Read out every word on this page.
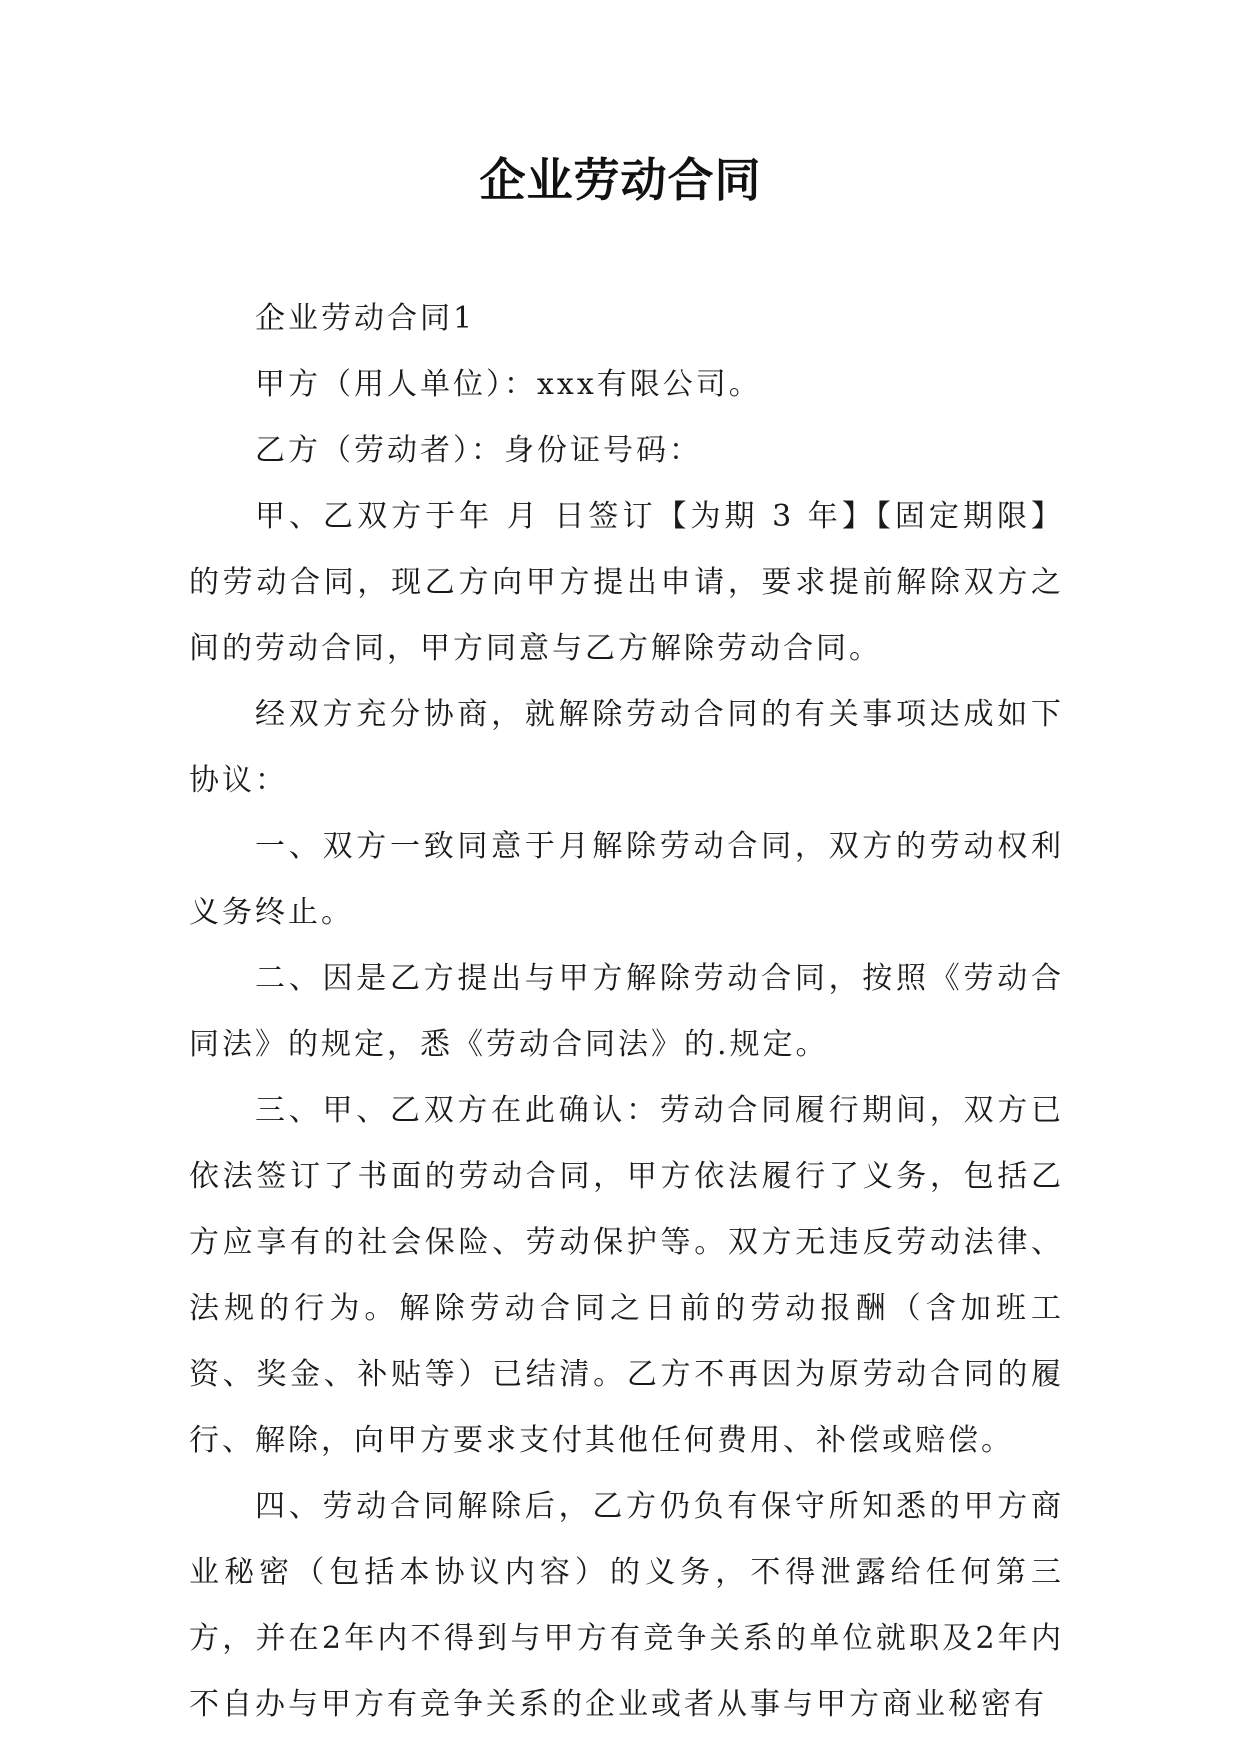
企业劳动合同

企业劳动合同1

甲方（用人单位）：xxx有限公司。

乙方（劳动者）：身份证号码：

甲、乙双方于年 月 日签订【为期 3 年】【固定期限】的劳动合同，现乙方向甲方提出申请，要求提前解除双方之间的劳动合同，甲方同意与乙方解除劳动合同。

经双方充分协商，就解除劳动合同的有关事项达成如下协议：

一、双方一致同意于月解除劳动合同，双方的劳动权利义务终止。

二、因是乙方提出与甲方解除劳动合同，按照《劳动合同法》的规定，悉《劳动合同法》的.规定。

三、甲、乙双方在此确认：劳动合同履行期间，双方已依法签订了书面的劳动合同，甲方依法履行了义务，包括乙方应享有的社会保险、劳动保护等。双方无违反劳动法律、法规的行为。解除劳动合同之日前的劳动报酬（含加班工资、奖金、补贴等）已结清。乙方不再因为原劳动合同的履行、解除，向甲方要求支付其他任何费用、补偿或赔偿。

四、劳动合同解除后，乙方仍负有保守所知悉的甲方商业秘密（包括本协议内容）的义务，不得泄露给任何第三方，并在2年内不得到与甲方有竞争关系的单位就职及2年内不自办与甲方有竞争关系的企业或者从事与甲方商业秘密有
